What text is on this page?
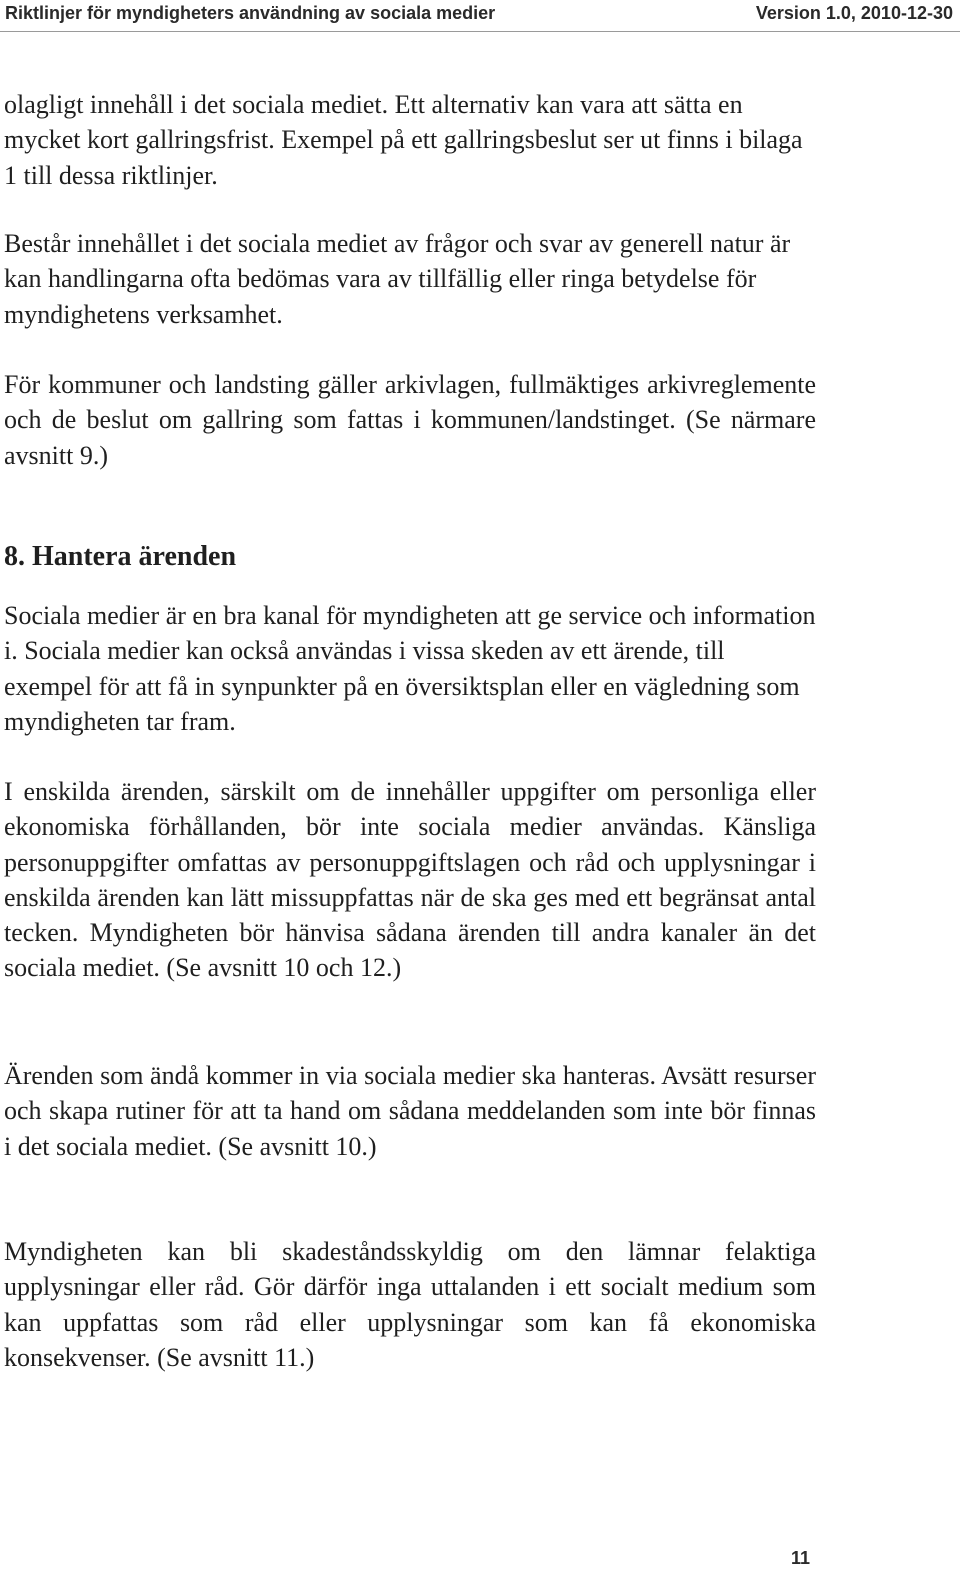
Riktlinjer för myndigheters användning av sociala medier	Version 1.0, 2010-12-30

olagligt innehåll i det sociala mediet. Ett alternativ kan vara att sätta en mycket kort gallringsfrist. Exempel på ett gallringsbeslut ser ut finns i bilaga 1 till dessa riktlinjer.

Består innehållet i det sociala mediet av frågor och svar av generell natur är kan handlingarna ofta bedömas vara av tillfällig eller ringa betydelse för myndighetens verksamhet.

För kommuner och landsting gäller arkivlagen, fullmäktiges arkivreglemente och de beslut om gallring som fattas i kommunen/landstinget. (Se närmare avsnitt 9.)

8. Hantera ärenden

Sociala medier är en bra kanal för myndigheten att ge service och information i. Sociala medier kan också användas i vissa skeden av ett ärende, till exempel för att få in synpunkter på en översiktsplan eller en vägledning som myndigheten tar fram.

I enskilda ärenden, särskilt om de innehåller uppgifter om personliga eller ekonomiska förhållanden, bör inte sociala medier användas. Känsliga personuppgifter omfattas av personuppgiftslagen och råd och upplysningar i enskilda ärenden kan lätt missuppfattas när de ska ges med ett begränsat antal tecken. Myndigheten bör hänvisa sådana ärenden till andra kanaler än det sociala mediet. (Se avsnitt 10 och 12.)

Ärenden som ändå kommer in via sociala medier ska hanteras. Avsätt resurser och skapa rutiner för att ta hand om sådana meddelanden som inte bör finnas i det sociala mediet. (Se avsnitt 10.)

Myndigheten kan bli skadeståndsskyldig om den lämnar felaktiga upplysningar eller råd. Gör därför inga uttalanden i ett socialt medium som kan uppfattas som råd eller upplysningar som kan få ekonomiska konsekvenser. (Se avsnitt 11.)

11
